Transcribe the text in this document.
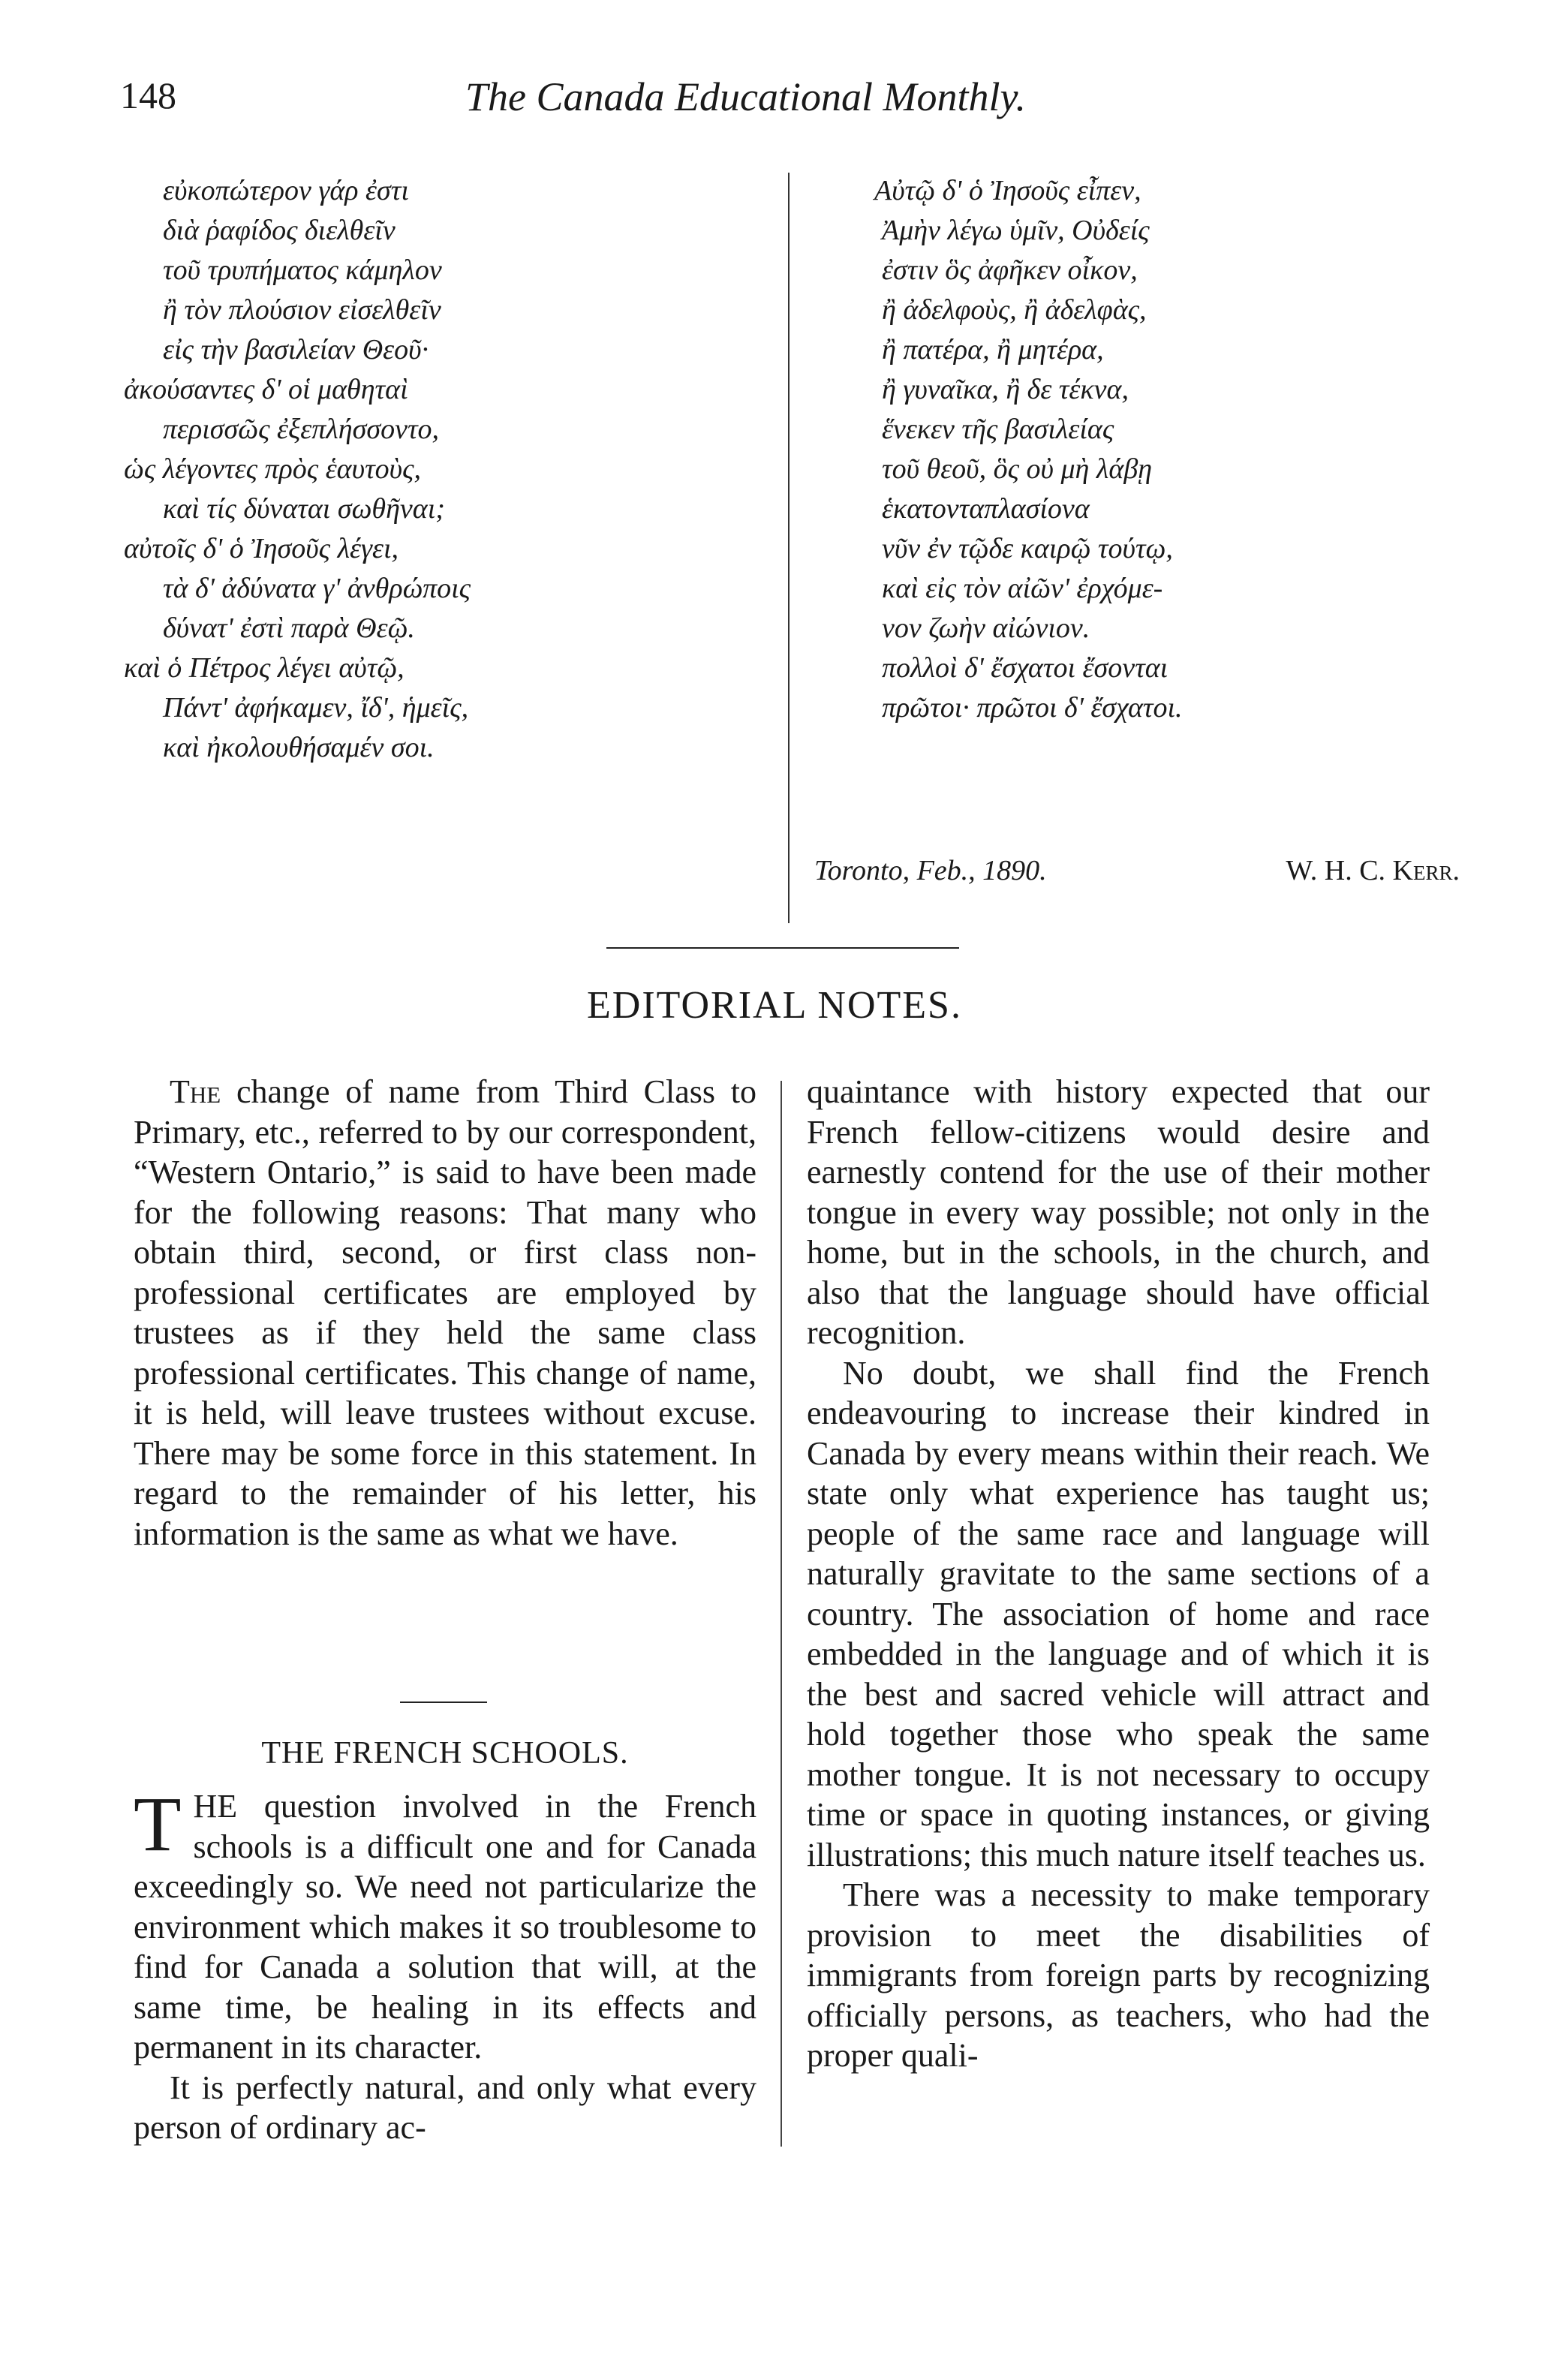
148	The Canada Educational Monthly.
εὐκοπώτερον γάρ ἐστι
διὰ ῥαφίδος διελθεῖν
τοῦ τρυπήματος κάμηλον
ἢ τὸν πλούσιον εἰσελθεῖν
εἰς τὴν βασιλείαν Θεοῦ·
ἀκούσαντες δ' οἱ μαθηταὶ
περισσῶς ἐξεπλήσσοντο,
ὡς λέγοντες πρὸς ἑαυτοὺς,
καὶ τίς δύναται σωθῆναι;
αὐτοῖς δ' ὁ Ἰησοῦς λέγει,
τὰ δ' ἀδύνατα γ' ἀνθρώποις
δύνατ' ἐστὶ παρὰ Θεῷ.
καὶ ὁ Πέτρος λέγει αὐτῷ,
Πάντ' ἀφήκαμεν, ἴδ', ἡμεῖς,
καὶ ἠκολουθήσαμέν σοι.
Αὐτῷ δ' ὁ Ἰησοῦς εἶπεν,
Ἀμὴν λέγω ὑμῖν, Οὐδείς
ἐστιν ὃς ἀφῆκεν οἶκον,
ἢ ἀδελφοὺς, ἢ ἀδελφὰς,
ἢ πατέρα, ἢ μητέρα,
ἢ γυναῖκα, ἢ δε τέκνα,
ἕνεκεν τῆς βασιλείας
τοῦ θεοῦ, ὃς οὐ μὴ λάβῃ
ἑκατονταπλασίονα
νῦν ἐν τῷδε καιρῷ τούτῳ,
καὶ εἰς τὸν αἰῶν' ἐρχόμε-
νον ζωὴν αἰώνιον.
πολλοὶ δ' ἔσχατοι ἔσονται
πρῶτοι· πρῶτοι δ' ἔσχατοι.
Toronto, Feb., 1890.	W. H. C. Kerr.
EDITORIAL NOTES.

The change of name from Third Class to Primary, etc., referred to by our correspondent, “Western Ontario,” is said to have been made for the following reasons: That many who obtain third, second, or first class non-professional certificates are employed by trustees as if they held the same class professional certificates. This change of name, it is held, will leave trustees without excuse. There may be some force in this statement. In regard to the remainder of his letter, his information is the same as what we have.

THE FRENCH SCHOOLS.

THE question involved in the French schools is a difficult one and for Canada exceedingly so. We need not particularize the environment which makes it so troublesome to find for Canada a solution that will, at the same time, be healing in its effects and permanent in its character.

It is perfectly natural, and only what every person of ordinary ac-

quaintance with history expected that our French fellow-citizens would desire and earnestly contend for the use of their mother tongue in every way possible; not only in the home, but in the schools, in the church, and also that the language should have official recognition.

No doubt, we shall find the French endeavouring to increase their kindred in Canada by every means within their reach. We state only what experience has taught us; people of the same race and language will naturally gravitate to the same sections of a country. The association of home and race embedded in the language and of which it is the best and sacred vehicle will attract and hold together those who speak the same mother tongue. It is not necessary to occupy time or space in quoting instances, or giving illustrations; this much nature itself teaches us.

There was a necessity to make temporary provision to meet the disabilities of immigrants from foreign parts by recognizing officially persons, as teachers, who had the proper quali-
